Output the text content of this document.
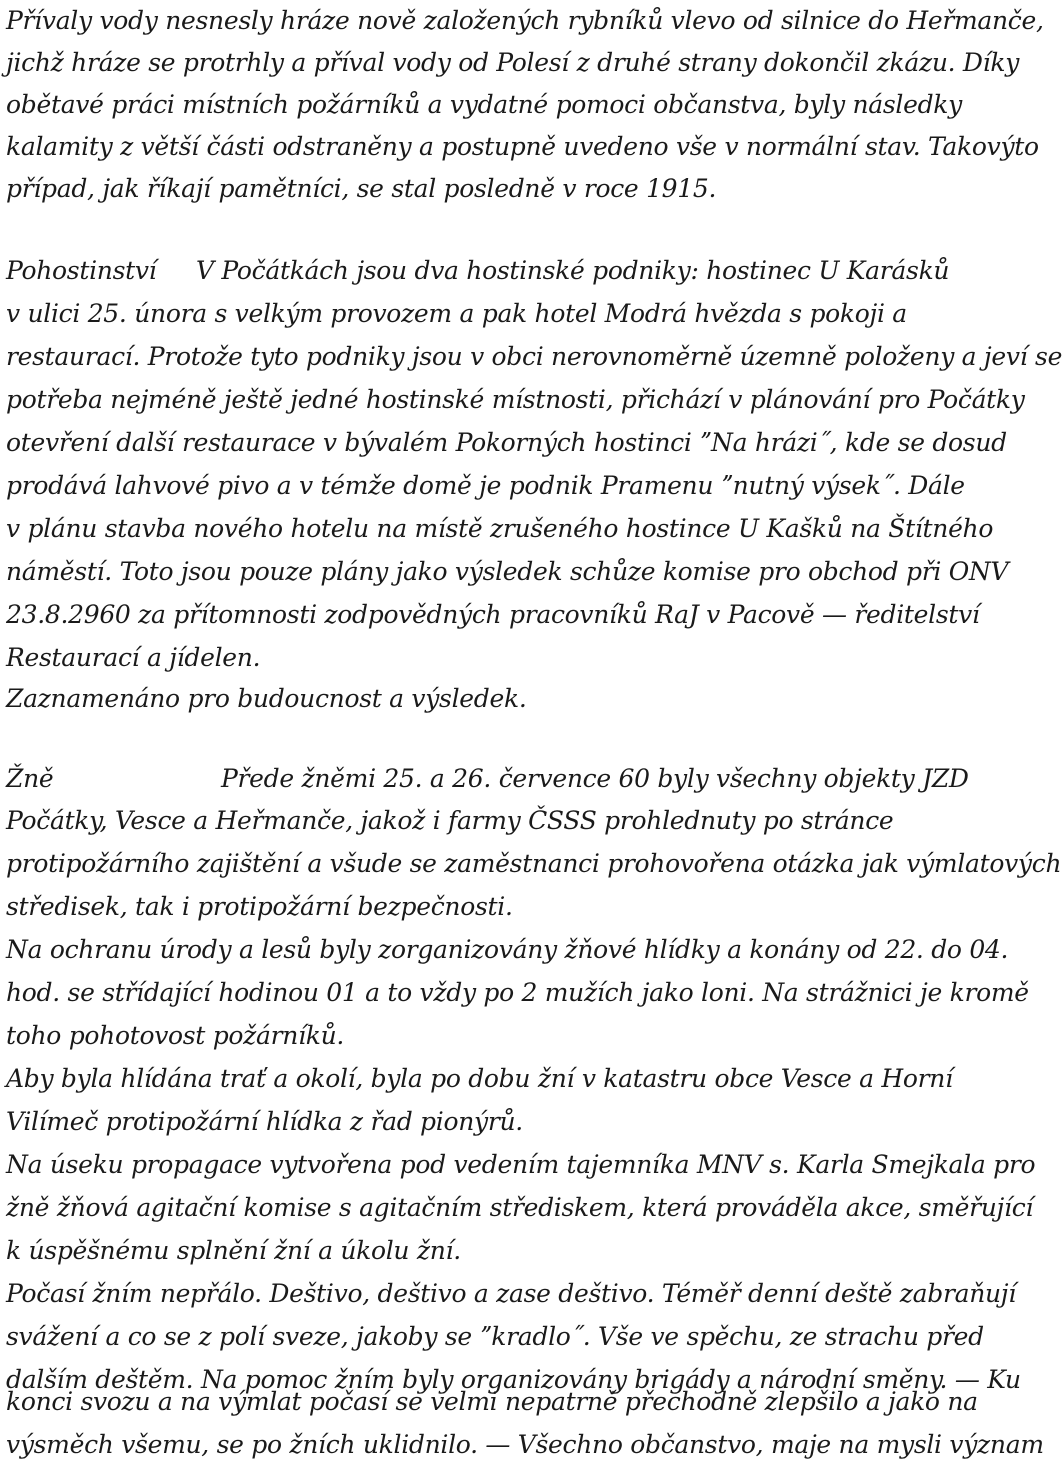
Přívaly vody nesnesly hráze nově založených rybníků vlevo od silnice do Heřmanče,
jichž hráze se protrhly a příval vody od Polesí z druhé strany dokončil zkázu. Díky
obětavé práci místních požárníků a vydatné pomoci občanstva, byly následky
kalamity z větší části odstraněny a postupně uvedeno vše v normální stav. Takovýto
případ, jak říkají pamětníci, se stal posledně v roce 1915.
Pohostinství V Počátkách jsou dva hostinské podniky: hostinec U Karásků
v ulici 25. února s velkým provozem a pak hotel Modrá hvězda s pokoji a
restaurací. Protože tyto podniky jsou v obci nerovnoměrně územně položeny a jeví se
potřeba nejméně ještě jedné hostinské místnosti, přichází v plánování pro Počátky
otevření další restaurace v bývalém Pokorných hostinci ˮNa hrázi˝, kde se dosud
prodává lahvové pivo a v témže domě je podnik Pramenu ˮnutný výsek˝. Dále
v plánu stavba nového hotelu na místě zrušeného hostince U Kašků na Štítného
náměstí. Toto jsou pouze plány jako výsledek schůze komise pro obchod při ONV
23.8.2960 za přítomnosti zodpovědných pracovníků RaJ v Pacově — ředitelství
Restaurací a jídelen.
Zaznamenáno pro budoucnost a výsledek.
Žně	Přede žněmi 25. a 26. července 60 byly všechny objekty JZD
Počátky, Vesce a Heřmanče, jakož i farmy ČSSS prohlednuty po stránce
protipožárního zajištění a všude se zaměstnanci prohovořena otázka jak výmlatových
středisek, tak i protipožární bezpečnosti.
Na ochranu úrody a lesů byly zorganizovány žňové hlídky a konány od 22. do 04.
hod. se střídající hodinou 01 a to vždy po 2 mužích jako loni. Na strážnici je kromě
toho pohotovost požárníků.
Aby byla hlídána trať a okolí, byla po dobu žní v katastru obce Vesce a Horní
Vilímeč protipožární hlídka z řad pionýrů.
Na úseku propagace vytvořena pod vedením tajemníka MNV s. Karla Smejkala pro
žně žňová agitační komise s agitačním střediskem, která prováděla akce, směřující
k úspěšnému splnění žní a úkolu žní.
Počasí žním nepřálo. Deštivo, deštivo a zase deštivo. Téměř denní deště zabraňují
svážení a co se z polí sveze, jakoby se ˮkradlo˝. Vše ve spěchu, ze strachu před
dalším deštěm. Na pomoc žním byly organizovány brigády a národní směny. — Ku
konci svozu a na výmlat počasí se velmi nepatrně přechodně zlepšilo a jako na
výsměch všemu, se po žních uklidnilo. — Všechno občanstvo, maje na mysli význam
